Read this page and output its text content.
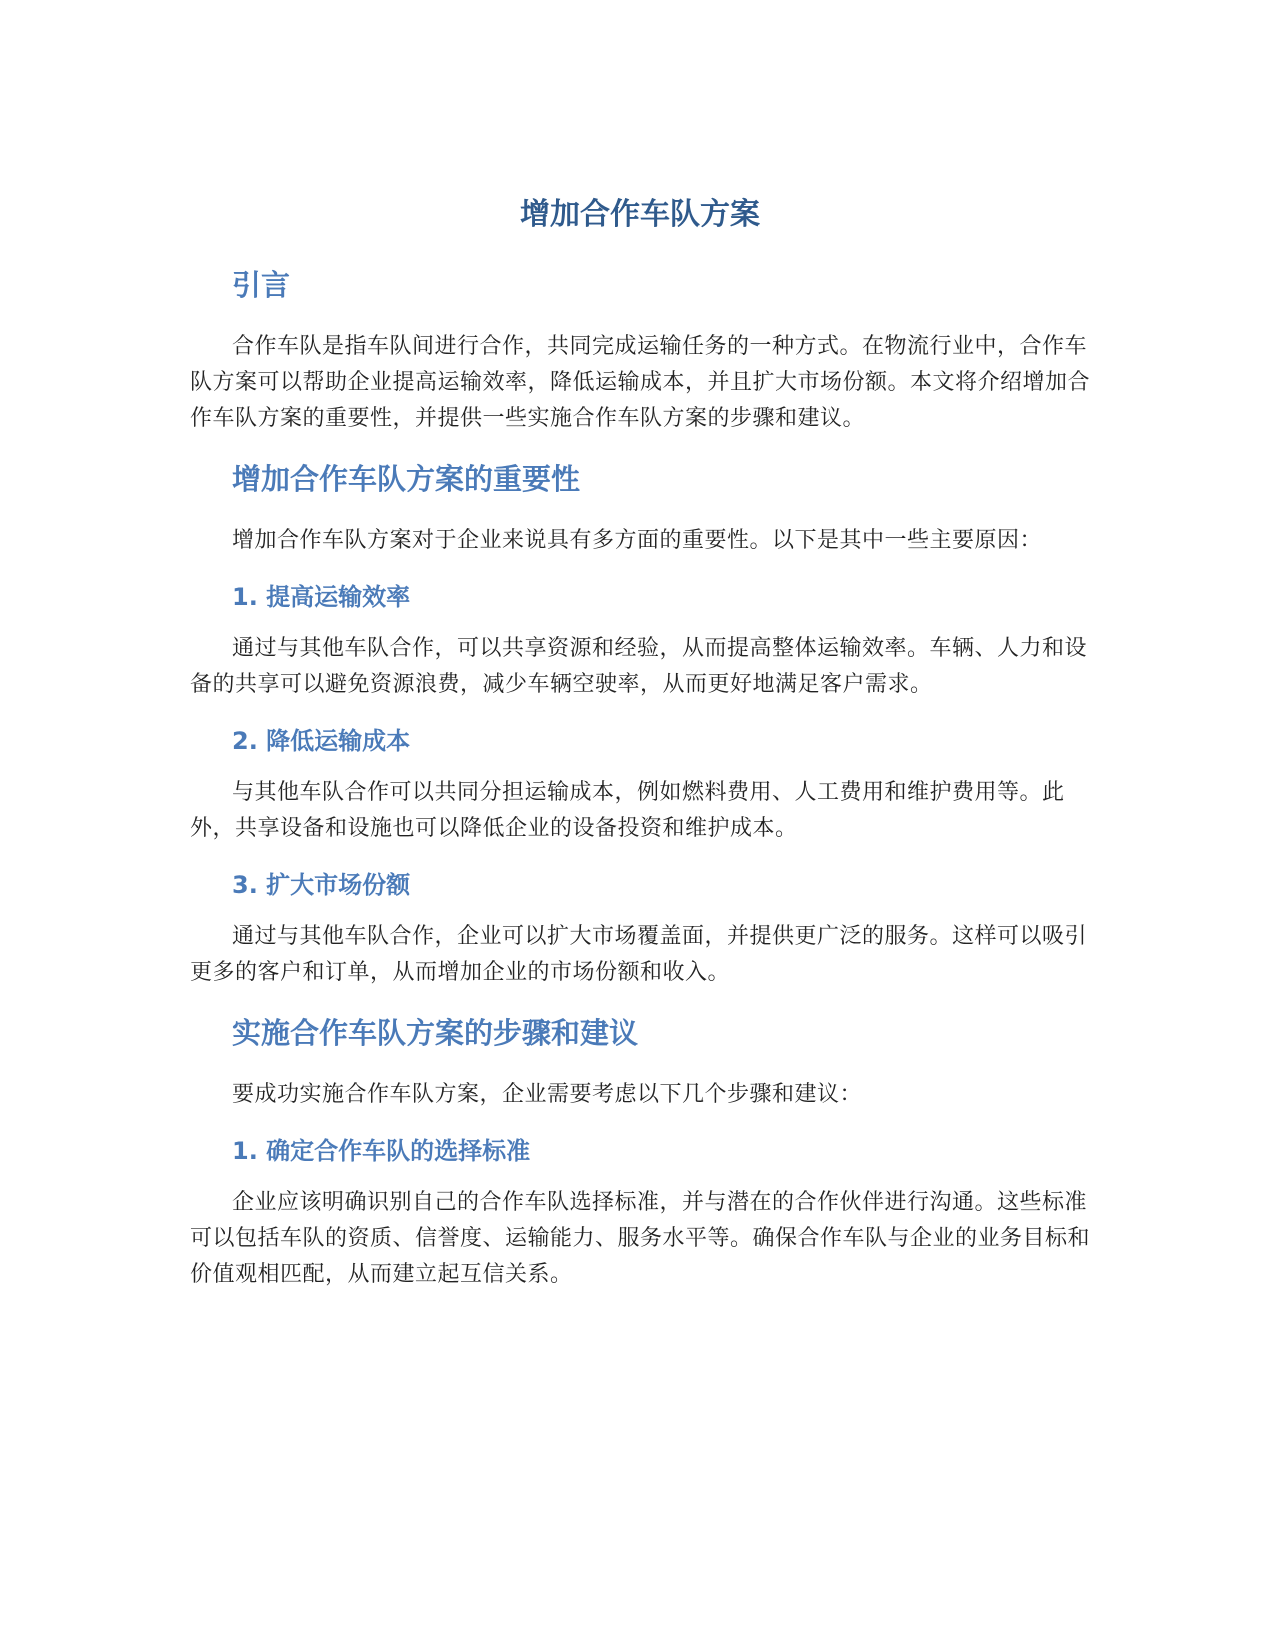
增加合作车队方案
引言

合作车队是指车队间进行合作，共同完成运输任务的一种方式。在物流行业中，合作车队方案可以帮助企业提高运输效率，降低运输成本，并且扩大市场份额。本文将介绍增加合作车队方案的重要性，并提供一些实施合作车队方案的步骤和建议。

增加合作车队方案的重要性

增加合作车队方案对于企业来说具有多方面的重要性。以下是其中一些主要原因：

1. 提高运输效率

通过与其他车队合作，可以共享资源和经验，从而提高整体运输效率。车辆、人力和设备的共享可以避免资源浪费，减少车辆空驶率，从而更好地满足客户需求。

2. 降低运输成本

与其他车队合作可以共同分担运输成本，例如燃料费用、人工费用和维护费用等。此外，共享设备和设施也可以降低企业的设备投资和维护成本。

3. 扩大市场份额

通过与其他车队合作，企业可以扩大市场覆盖面，并提供更广泛的服务。这样可以吸引更多的客户和订单，从而增加企业的市场份额和收入。

实施合作车队方案的步骤和建议

要成功实施合作车队方案，企业需要考虑以下几个步骤和建议：

1. 确定合作车队的选择标准

企业应该明确识别自己的合作车队选择标准，并与潜在的合作伙伴进行沟通。这些标准可以包括车队的资质、信誉度、运输能力、服务水平等。确保合作车队与企业的业务目标和价值观相匹配，从而建立起互信关系。
